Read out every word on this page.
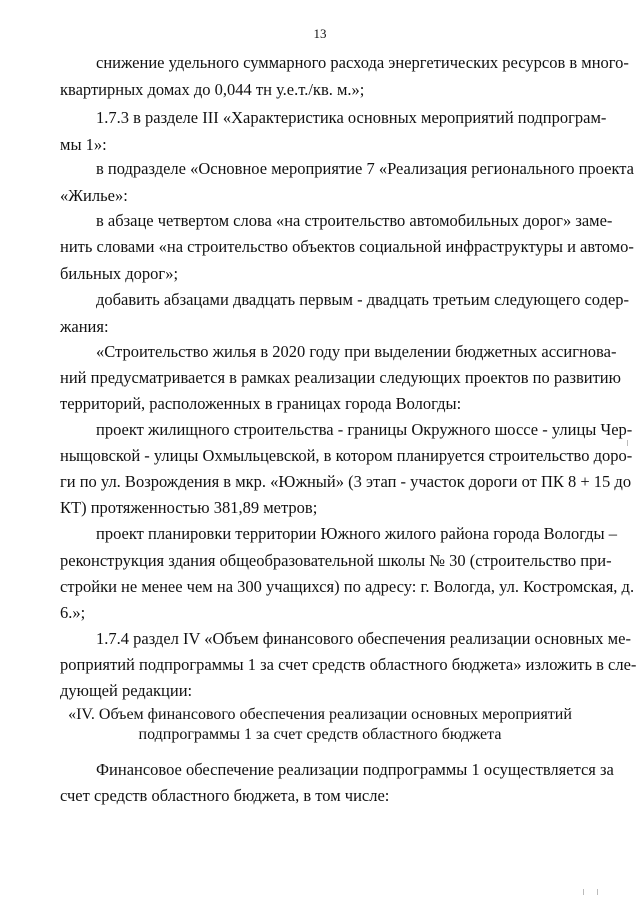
13
снижение удельного суммарного расхода энергетических ресурсов в много-
квартирных домах до 0,044 тн у.е.т./кв. м.»;
1.7.3 в разделе III «Характеристика основных мероприятий подпрограм-
мы 1»:
в подразделе «Основное мероприятие 7 «Реализация регионального проекта
«Жилье»:
в абзаце четвертом слова «на строительство автомобильных дорог» заме-
нить словами «на строительство объектов социальной инфраструктуры и автомо-
бильных дорог»;
добавить абзацами двадцать первым - двадцать третьим следующего содер-
жания:
«Строительство жилья в 2020 году при выделении бюджетных ассигнова-
ний предусматривается в рамках реализации следующих проектов по развитию
территорий, расположенных в границах города Вологды:
проект жилищного строительства - границы Окружного шоссе - улицы Чер-
ныщовской - улицы Охмыльцевской, в котором планируется строительство доро-
ги по ул. Возрождения в мкр. «Южный» (3 этап - участок дороги от ПК 8 + 15 до
КТ) протяженностью 381,89 метров;
проект планировки территории Южного жилого района города Вологды –
реконструкция здания общеобразовательной школы № 30 (строительство при-
стройки не менее чем на 300 учащихся) по адресу: г. Вологда, ул. Костромская, д.
6.»;
1.7.4 раздел IV «Объем финансового обеспечения реализации основных ме-
роприятий подпрограммы 1 за счет средств областного бюджета» изложить в сле-
дующей редакции:
«IV. Объем финансового обеспечения реализации основных мероприятий
подпрограммы 1 за счет средств областного бюджета
Финансовое обеспечение реализации подпрограммы 1 осуществляется за
счет средств областного бюджета, в том числе:
